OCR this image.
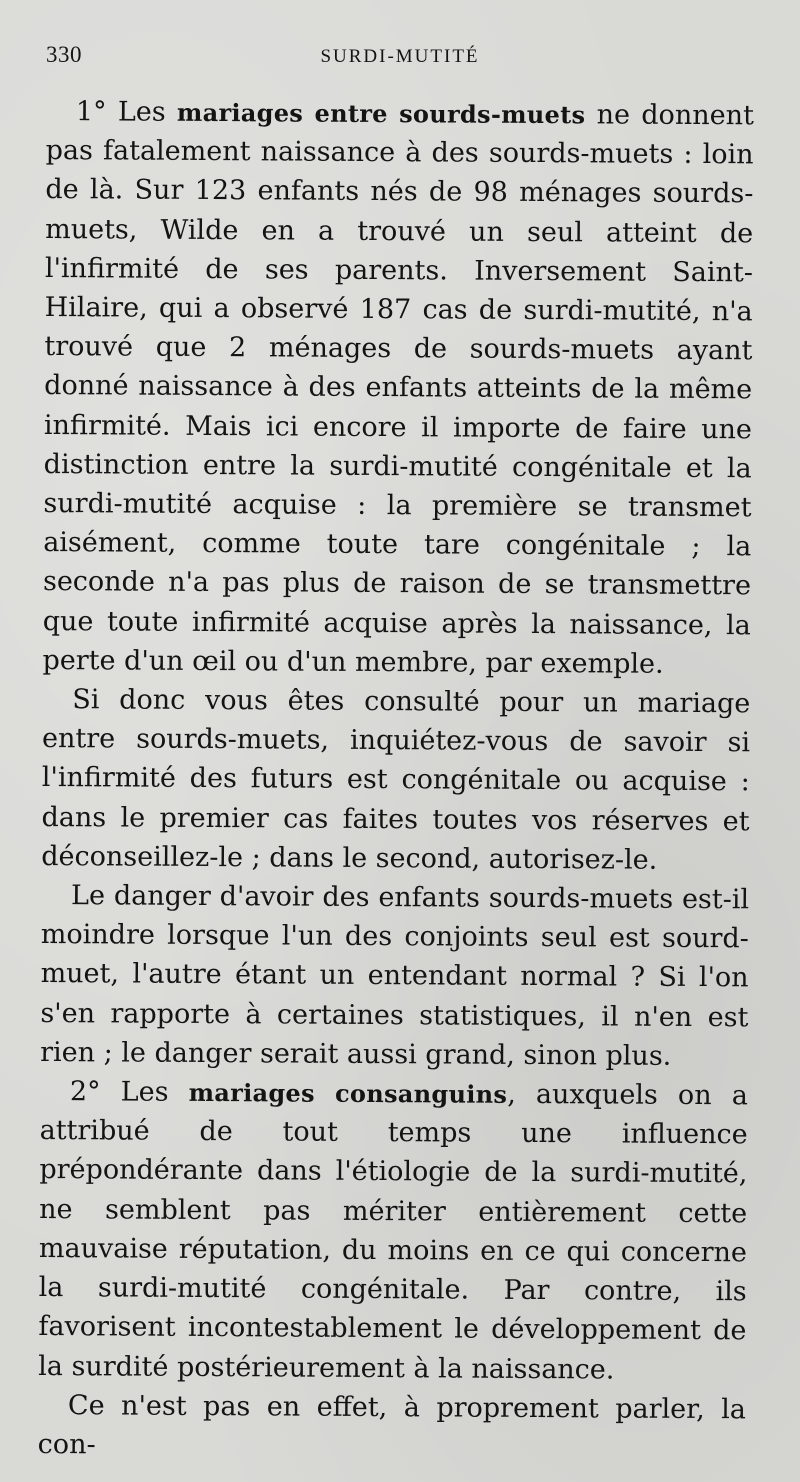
330	SURDI-MUTITÉ

1° Les mariages entre sourds-muets ne donnent pas fatalement naissance à des sourds-muets : loin de là. Sur 123 enfants nés de 98 ménages sourds-muets, Wilde en a trouvé un seul atteint de l'infirmité de ses parents. Inversement Saint-Hilaire, qui a observé 187 cas de surdi-mutité, n'a trouvé que 2 ménages de sourds-muets ayant donné naissance à des enfants atteints de la même infirmité. Mais ici encore il importe de faire une distinction entre la surdi-mutité congénitale et la surdi-mutité acquise : la première se transmet aisément, comme toute tare congénitale ; la seconde n'a pas plus de raison de se transmettre que toute infirmité acquise après la naissance, la perte d'un œil ou d'un membre, par exemple.

Si donc vous êtes consulté pour un mariage entre sourds-muets, inquiétez-vous de savoir si l'infirmité des futurs est congénitale ou acquise : dans le premier cas faites toutes vos réserves et déconseillez-le ; dans le second, autorisez-le.

Le danger d'avoir des enfants sourds-muets est-il moindre lorsque l'un des conjoints seul est sourd-muet, l'autre étant un entendant normal ? Si l'on s'en rapporte à certaines statistiques, il n'en est rien ; le danger serait aussi grand, sinon plus.

2° Les mariages consanguins, auxquels on a attribué de tout temps une influence prépondérante dans l'étiologie de la surdi-mutité, ne semblent pas mériter entièrement cette mauvaise réputation, du moins en ce qui concerne la surdi-mutité congénitale. Par contre, ils favorisent incontestablement le développement de la surdité postérieurement à la naissance.

Ce n'est pas en effet, à proprement parler, la con-
